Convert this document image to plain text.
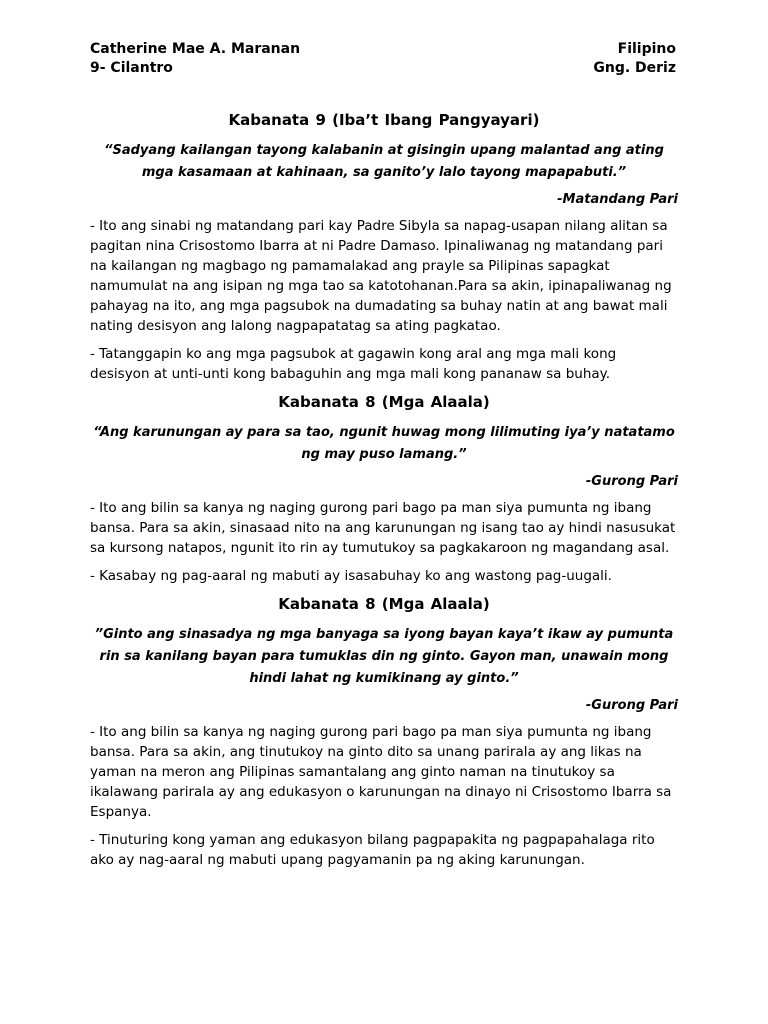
Catherine Mae A. Maranan
9- Cilantro
Filipino
Gng. Deriz
Kabanata 9 (Iba’t Ibang Pangyayari)
“Sadyang kailangan tayong kalabanin at gisingin upang malantad ang ating mga kasamaan at kahinaan, sa ganito’y lalo tayong mapapabuti.”
-Matandang Pari
- Ito ang sinabi ng matandang pari kay Padre Sibyla sa napag-usapan nilang alitan sa pagitan nina Crisostomo Ibarra at ni Padre Damaso. Ipinaliwanag ng matandang pari na kailangan ng magbago ng pamamalakad ang prayle sa Pilipinas sapagkat namumulat na ang isipan ng mga tao sa katotohanan.Para sa akin, ipinapaliwanag ng pahayag na ito, ang mga pagsubok na dumadating sa buhay natin at ang bawat mali nating desisyon ang lalong nagpapatatag sa ating pagkatao.
- Tatanggapin ko ang mga pagsubok at gagawin kong aral ang mga mali kong desisyon at unti-unti kong babaguhin ang mga mali kong pananaw sa buhay.
Kabanata 8 (Mga Alaala)
“Ang karunungan ay para sa tao, ngunit huwag mong lilimuting iya’y natatamo ng may puso lamang.”
-Gurong Pari
- Ito ang bilin sa kanya ng naging gurong pari bago pa man siya pumunta ng ibang bansa. Para sa akin, sinasaad nito na ang karunungan ng isang tao ay hindi nasusukat sa kursong natapos, ngunit ito rin ay tumutukoy sa pagkakaroon ng magandang asal.
- Kasabay ng pag-aaral ng mabuti ay isasabuhay ko ang wastong pag-uugali.
Kabanata 8 (Mga Alaala)
”Ginto ang sinasadya ng mga banyaga sa iyong bayan kaya’t ikaw ay pumunta rin sa kanilang bayan para tumuklas din ng ginto. Gayon man, unawain mong hindi lahat ng kumikinang ay ginto.”
-Gurong Pari
- Ito ang bilin sa kanya ng naging gurong pari bago pa man siya pumunta ng ibang bansa. Para sa akin, ang tinutukoy na ginto dito sa unang parirala ay ang likas na yaman na meron ang Pilipinas samantalang ang ginto naman na tinutukoy sa ikalawang parirala ay ang edukasyon o karunungan na dinayo ni Crisostomo Ibarra sa Espanya.
- Tinuturing kong yaman ang edukasyon bilang pagpapakita ng pagpapahalaga rito ako ay nag-aaral ng mabuti upang pagyamanin pa ng aking karunungan.
